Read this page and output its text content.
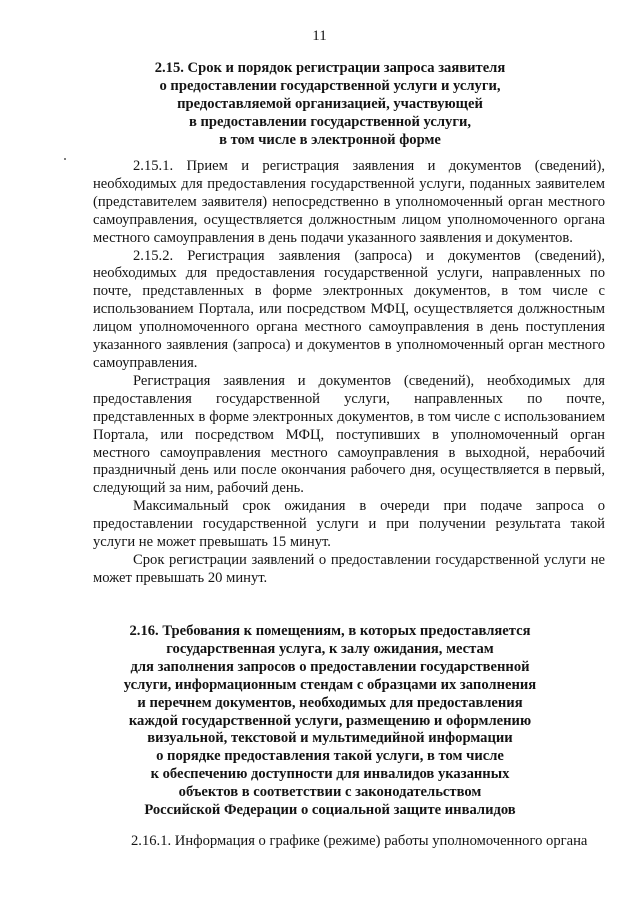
11
2.15. Срок и порядок регистрации запроса заявителя
о предоставлении государственной услуги и услуги,
предоставляемой организацией, участвующей
в предоставлении государственной услуги,
в том числе в электронной форме

2.15.1. Прием и регистрация заявления и документов (сведений), необходимых для предоставления государственной услуги, поданных заявителем (представителем заявителя) непосредственно в уполномоченный орган местного самоуправления, осуществляется должностным лицом уполномоченного органа местного самоуправления в день подачи указанного заявления и документов.

2.15.2. Регистрация заявления (запроса) и документов (сведений), необходимых для предоставления государственной услуги, направленных по почте, представленных в форме электронных документов, в том числе с использованием Портала, или посредством МФЦ, осуществляется должностным лицом уполномоченного органа местного самоуправления в день поступления указанного заявления (запроса) и документов в уполномоченный орган местного самоуправления.

Регистрация заявления и документов (сведений), необходимых для предоставления государственной услуги, направленных по почте, представленных в форме электронных документов, в том числе с использованием Портала, или посредством МФЦ, поступивших в уполномоченный орган местного самоуправления местного самоуправления в выходной, нерабочий праздничный день или после окончания рабочего дня, осуществляется в первый, следующий за ним, рабочий день.

Максимальный срок ожидания в очереди при подаче запроса о предоставлении государственной услуги и при получении результата такой услуги не может превышать 15 минут.

Срок регистрации заявлений о предоставлении государственной услуги не может превышать 20 минут.

2.16. Требования к помещениям, в которых предоставляется
государственная услуга, к залу ожидания, местам
для заполнения запросов о предоставлении государственной
услуги, информационным стендам с образцами их заполнения
и перечнем документов, необходимых для предоставления
каждой государственной услуги, размещению и оформлению
визуальной, текстовой и мультимедийной информации
о порядке предоставления такой услуги, в том числе
к обеспечению доступности для инвалидов указанных
объектов в соответствии с законодательством
Российской Федерации о социальной защите инвалидов
2.16.1. Информация о графике (режиме) работы уполномоченного органа
